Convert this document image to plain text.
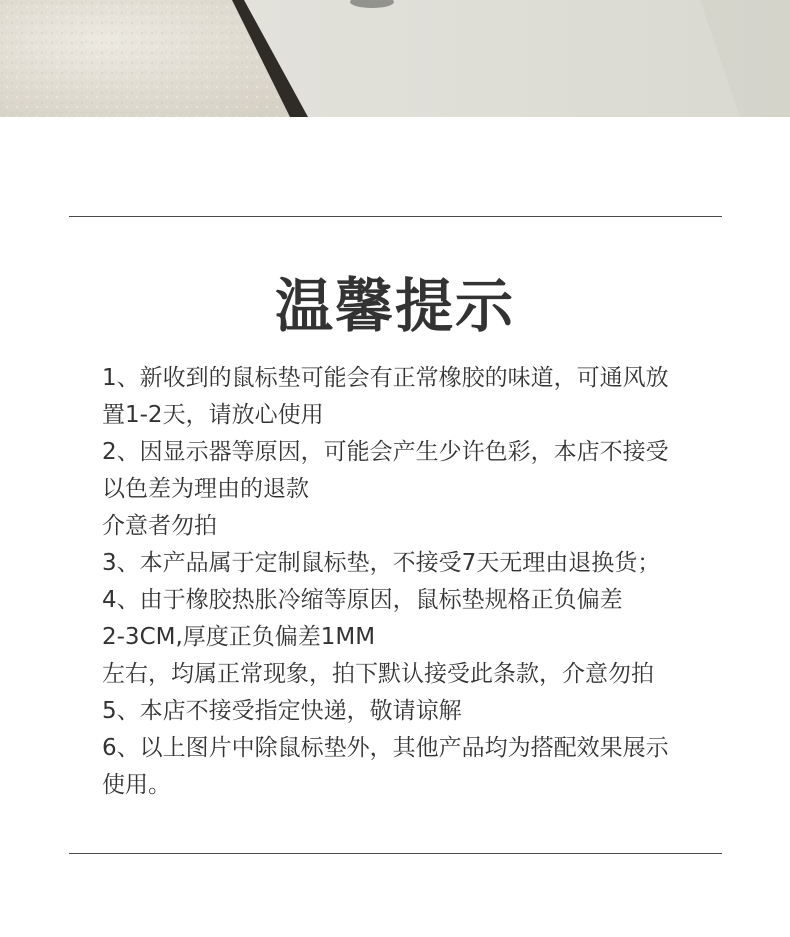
温馨提示
1、新收到的鼠标垫可能会有正常橡胶的味道，可通风放
置1-2天，请放心使用
2、因显示器等原因，可能会产生少许色彩，本店不接受
以色差为理由的退款
介意者勿拍
3、本产品属于定制鼠标垫，不接受7天无理由退换货；
4、由于橡胶热胀冷缩等原因，鼠标垫规格正负偏差
2-3CM,厚度正负偏差1MM
左右，均属正常现象，拍下默认接受此条款，介意勿拍
5、本店不接受指定快递，敬请谅解
6、以上图片中除鼠标垫外，其他产品均为搭配效果展示
使用。
